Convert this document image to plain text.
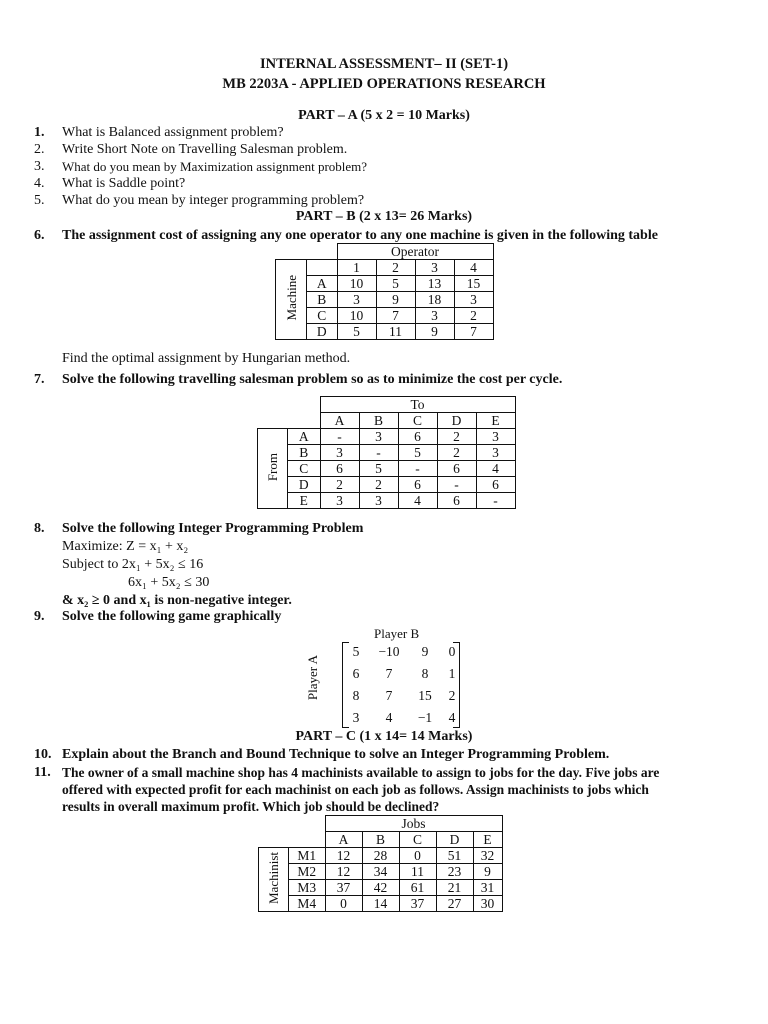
INTERNAL ASSESSMENT– II (SET-1)
MB 2203A - APPLIED OPERATIONS RESEARCH
PART – A (5 x 2 = 10 Marks)
1.	What is Balanced assignment problem?
2.	Write Short Note on Travelling Salesman problem.
3.	What do you mean by Maximization assignment problem?
4.	What is Saddle point?
5.	What do you mean by integer programming problem?
PART – B (2 x 13= 26 Marks)
6.	The assignment cost of assigning any one operator to any one machine is given in the following table
		Operator			
Machine		1	2	3	4
	A	10	5	13	15
	B	3	9	18	3
	C	10	7	3	2
	D	5	11	9	7
Find the optimal assignment by Hungarian method.
7.	Solve the following travelling salesman problem so as to minimize the cost per cycle.
		To				
		A	B	C	D	E
From	A	-	3	6	2	3
	B	3	-	5	2	3
	C	6	5	-	6	4
	D	2	2	6	-	6
	E	3	3	4	6	-
8.	Solve the following Integer Programming Problem
Maximize: Z = x₁ + x₂
Subject to 2x₁ + 5x₂ ≤ 16
6x₁ + 5x₂ ≤ 30
& x₂ ≥ 0 and x₁ is non-negative integer.
9.	Solve the following game graphically
Player B
Player A
5	−10	9	0
6	7	8	1
8	7	15	2
3	4	−1	4
PART – C (1 x 14= 14 Marks)
10. Explain about the Branch and Bound Technique to solve an Integer Programming Problem.
11. The owner of a small machine shop has 4 machinists available to assign to jobs for the day. Five jobs are
offered with expected profit for each machinist on each job as follows. Assign machinists to jobs which
results in overall maximum profit. Which job should be declined?
		Jobs				
		A	B	C	D	E
Machinist	M1	12	28	0	51	32
	M2	12	34	11	23	9
	M3	37	42	61	21	31
	M4	0	14	37	27	30
